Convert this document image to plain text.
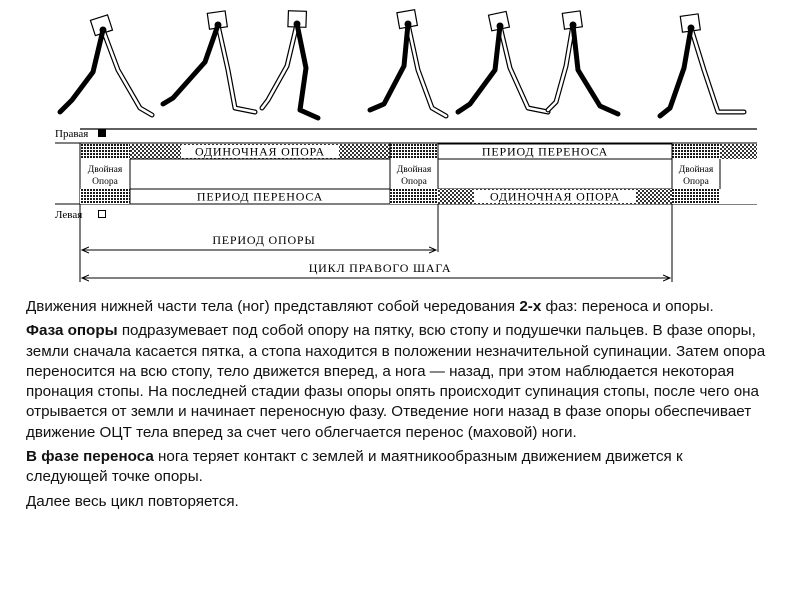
Правая
ОДИНОЧНАЯ ОПОРА	ПЕРИОД ПЕРЕНОСА
Двойная
Опора
Двойная
Опора
Двойная
Опора
ПЕРИОД ПЕРЕНОСА	ОДИНОЧНАЯ ОПОРА
Левая
ПЕРИОД ОПОРЫ
ЦИКЛ ПРАВОГО ШАГА

Движения нижней части тела (ног) представляют собой чередования 2-х фаз: переноса и опоры.

Фаза опоры подразумевает под собой опору на пятку, всю стопу и подушечки пальцев. В фазе опоры, земли сначала касается пятка, а стопа находится в положении незначительной супинации. Затем опора переносится на всю стопу, тело движется вперед, а нога — назад, при этом наблюдается некоторая пронация стопы. На последней стадии фазы опоры опять происходит супинация стопы, после чего она отрывается от земли и начинает переносную фазу. Отведение ноги назад в фазе опоры обеспечивает движение ОЦТ тела вперед за счет чего облегчается перенос (маховой) ноги.

В фазе переноса нога теряет контакт с землей и маятникообразным движением движется к следующей точке опоры.

Далее весь цикл повторяется.
